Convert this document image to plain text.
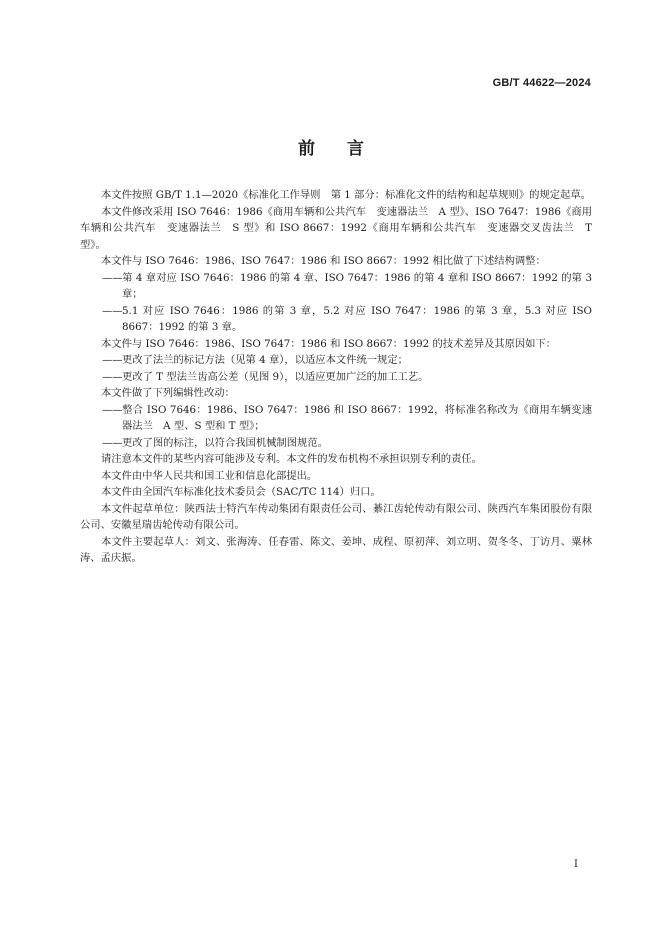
GB/T 44622—2024
前言

本文件按照 GB/T 1.1—2020《标准化工作导则　第 1 部分：标准化文件的结构和起草规则》的规定起草。

本文件修改采用 ISO 7646：1986《商用车辆和公共汽车　变速器法兰　A 型》、ISO 7647：1986《商用车辆和公共汽车　变速器法兰　S 型》和 ISO 8667：1992《商用车辆和公共汽车　变速器交叉齿法兰　T 型》。

本文件与 ISO 7646：1986、ISO 7647：1986 和 ISO 8667：1992 相比做了下述结构调整：

——第 4 章对应 ISO 7646：1986 的第 4 章、ISO 7647：1986 的第 4 章和 ISO 8667：1992 的第 3 章；

——5.1 对应 ISO 7646：1986 的第 3 章，5.2 对应 ISO 7647：1986 的第 3 章，5.3 对应 ISO 8667：1992 的第 3 章。

本文件与 ISO 7646：1986、ISO 7647：1986 和 ISO 8667：1992 的技术差异及其原因如下：

——更改了法兰的标记方法（见第 4 章），以适应本文件统一规定；

——更改了 T 型法兰齿高公差（见图 9），以适应更加广泛的加工工艺。

本文件做了下列编辑性改动：

——整合 ISO 7646：1986、ISO 7647：1986 和 ISO 8667：1992，将标准名称改为《商用车辆变速器法兰　A 型、S 型和 T 型》；

——更改了图的标注，以符合我国机械制图规范。

请注意本文件的某些内容可能涉及专利。本文件的发布机构不承担识别专利的责任。

本文件由中华人民共和国工业和信息化部提出。

本文件由全国汽车标准化技术委员会（SAC/TC 114）归口。

本文件起草单位：陕西法士特汽车传动集团有限责任公司、綦江齿轮传动有限公司、陕西汽车集团股份有限公司、安徽星瑞齿轮传动有限公司。

本文件主要起草人：刘文、张海涛、任春雷、陈文、姜坤、成程、原初萍、刘立明、贺冬冬、丁访月、粟林涛、孟庆振。

I
